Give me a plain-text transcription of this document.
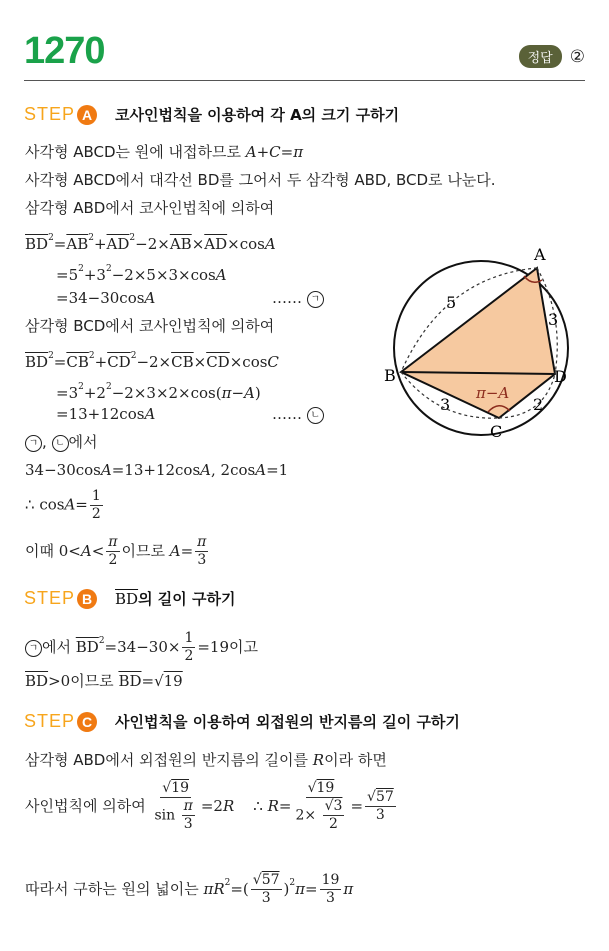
1270	정답	②
STEP A	코사인법칙을 이용하여 각 A의 크기 구하기
사각형 ABCD는 원에 내접하므로 A+C=π
사각형 ABCD에서 대각선 BD를 그어서 두 삼각형 ABD, BCD로 나눈다.
삼각형 ABD에서 코사인법칙에 의하여
$\overline{BD}^2=\overline{AB}^2+\overline{AD}^2-2\times\overline{AB}\times\overline{AD}\times\cos A$
$=5^2+3^2-2\times 5\times 3\times\cos A$
=34−30cosA	…… ㄱ
삼각형 BCD에서 코사인법칙에 의하여
$\overline{BD}^2=\overline{CB}^2+\overline{CD}^2-2\times\overline{CB}\times\overline{CD}\times\cos C$
$=3^2+2^2-2\times 3\times 2\times\cos(\pi-A)$
=13+12cosA	…… ㄴ
ㄱ , ㄴ 에서
34−30cosA=13+12cosA, 2cosA=1
∴ $\cos A= \frac{1}{2}$
이때 $0<A< \frac{\pi}{2}$ 이므로 $A= \frac{\pi}{3}$
STEP B	$\overline{BD}$의 길이 구하기
ㄱ 에서 $\overline{BD}^2=34-30\times \frac{1}{2} =19$이고
$\overline{BD}>0$이므로 $\overline{BD}=√19$
STEP C	사인법칙을 이용하여 외접원의 반지름의 길이 구하기
삼각형 ABD에서 외접원의 반지름의 길이를 R이라 하면
사인법칙에 의하여 $\frac{√19}{\sin \frac{\pi}{3}} =2R$    ∴ $R= \frac{√19}{2\times \frac{√3}{2}} = \frac{√57}{3}$
따라서 구하는 원의 넓이는 $\pi R^2=( \frac{√57}{3} )^2\pi= \frac{19}{3}$ π
A
B
C
D
5
3
3	2
π−A
